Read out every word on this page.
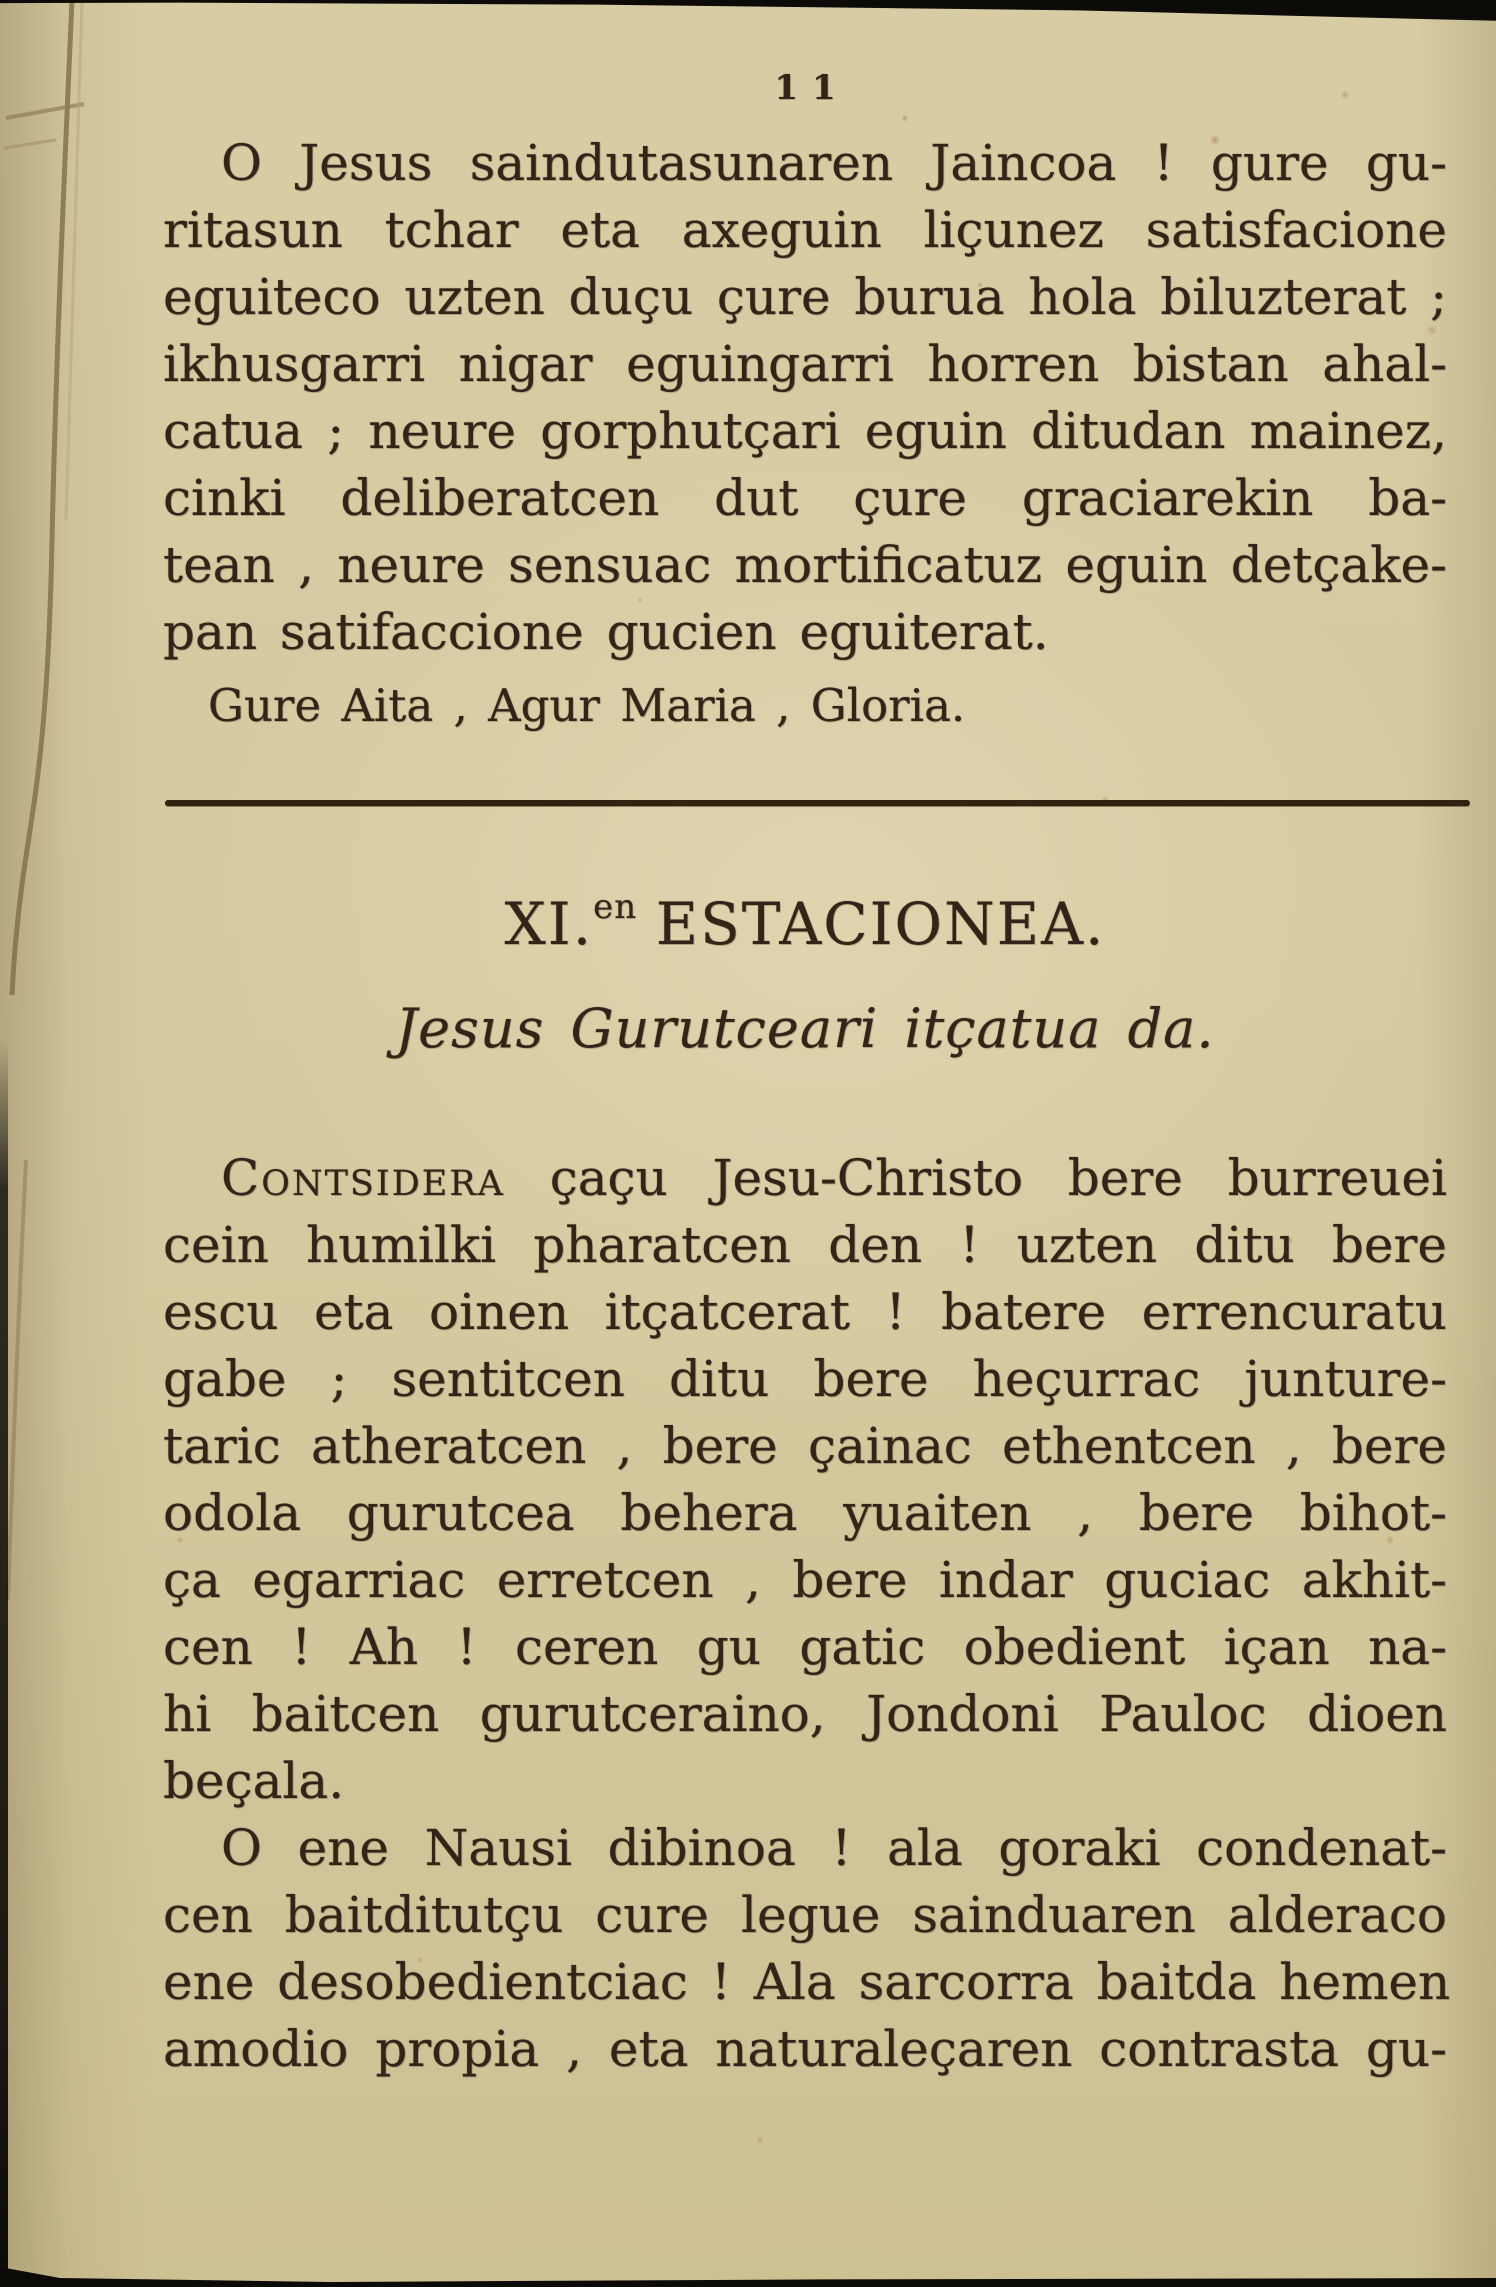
11
O Jesus saindutasunaren Jaincoa ! gure gu-
ritasun tchar eta axeguin liçunez satisfacione
eguiteco uzten duçu çure burua hola biluzterat ;
ikhusgarri nigar eguingarri horren bistan ahal-
catua ; neure gorphutçari eguin ditudan mainez,
cinki deliberatcen dut çure graciarekin ba-
tean , neure sensuac mortificatuz eguin detçake-
pan satifaccione gucien eguiterat.
Gure Aita , Agur Maria , Gloria.
XI.$^{en}$ ESTACIONEA.
Jesus Gurutceari itçatua da.
Contsidera çaçu Jesu-Christo bere burreuei
cein humilki pharatcen den ! uzten ditu bere
escu eta oinen itçatcerat ! batere errencuratu
gabe ; sentitcen ditu bere heçurrac junture-
taric atheratcen , bere çainac ethentcen , bere
odola gurutcea behera yuaiten , bere bihot-
ça egarriac erretcen , bere indar guciac akhit-
cen ! Ah ! ceren gu gatic obedient içan na-
hi baitcen gurutceraino, Jondoni Pauloc dioen
beçala.
O ene Nausi dibinoa ! ala goraki condenat-
cen baitditutçu cure legue sainduaren alderaco
ene desobedientciac ! Ala sarcorra baitda hemen
amodio propia , eta naturaleçaren contrasta gu-
